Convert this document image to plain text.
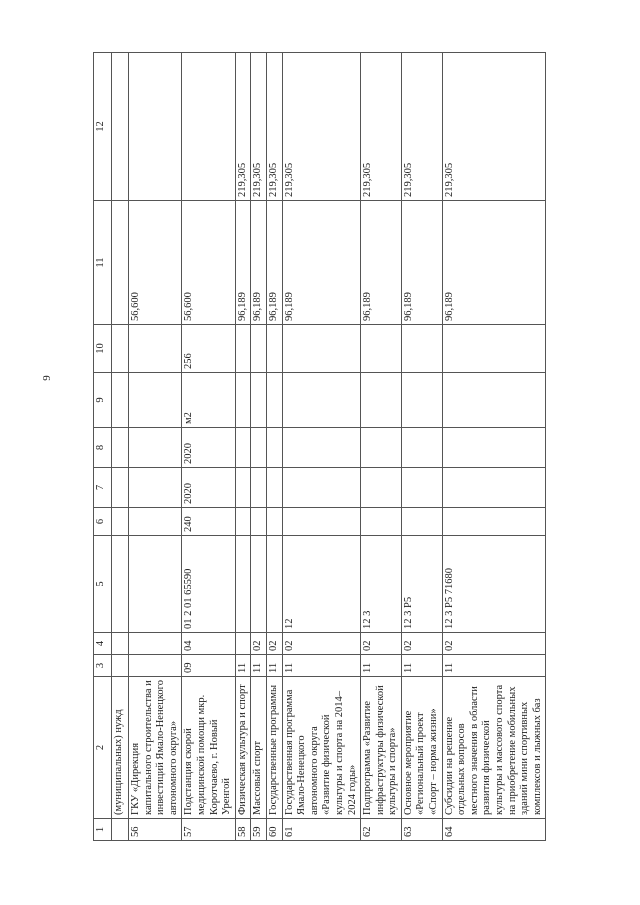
9
1	2	3	4	5	6	7	8	9	10	11	12
	(муниципальных) нужд										
56	ГКУ «Дирекция капитального строительства и инвестиций Ямало-Ненецкого автономного округа»									56,600	
57	Подстанция скорой медицинской помощи мкр. Коротчаево, г. Новый Уренгой	09	04	01 2 01 65590	240	2020	2020	м2	256	56,600	
58	Физическая культура и спорт	11								96,189	219,305
59	Массовый спорт	11	02							96,189	219,305
60	Государственные программы	11	02							96,189	219,305
61	Государственная программа Ямало-Ненецкого автономного округа «Развитие физической культуры и спорта на 2014–2024 годы»	11	02	12						96,189	219,305
62	Подпрограмма «Развитие инфраструктуры физической культуры и спорта»	11	02	12 3						96,189	219,305
63	Основное мероприятие «Региональный проект «Спорт – норма жизни»	11	02	12 3 P5						96,189	219,305
64	Субсидии на решение отдельных вопросов местного значения в области развития физической культуры и массового спорта на приобретение мобильных зданий мини спортивных комплексов и лыжных баз	11	02	12 3 P5 71680						96,189	219,305
